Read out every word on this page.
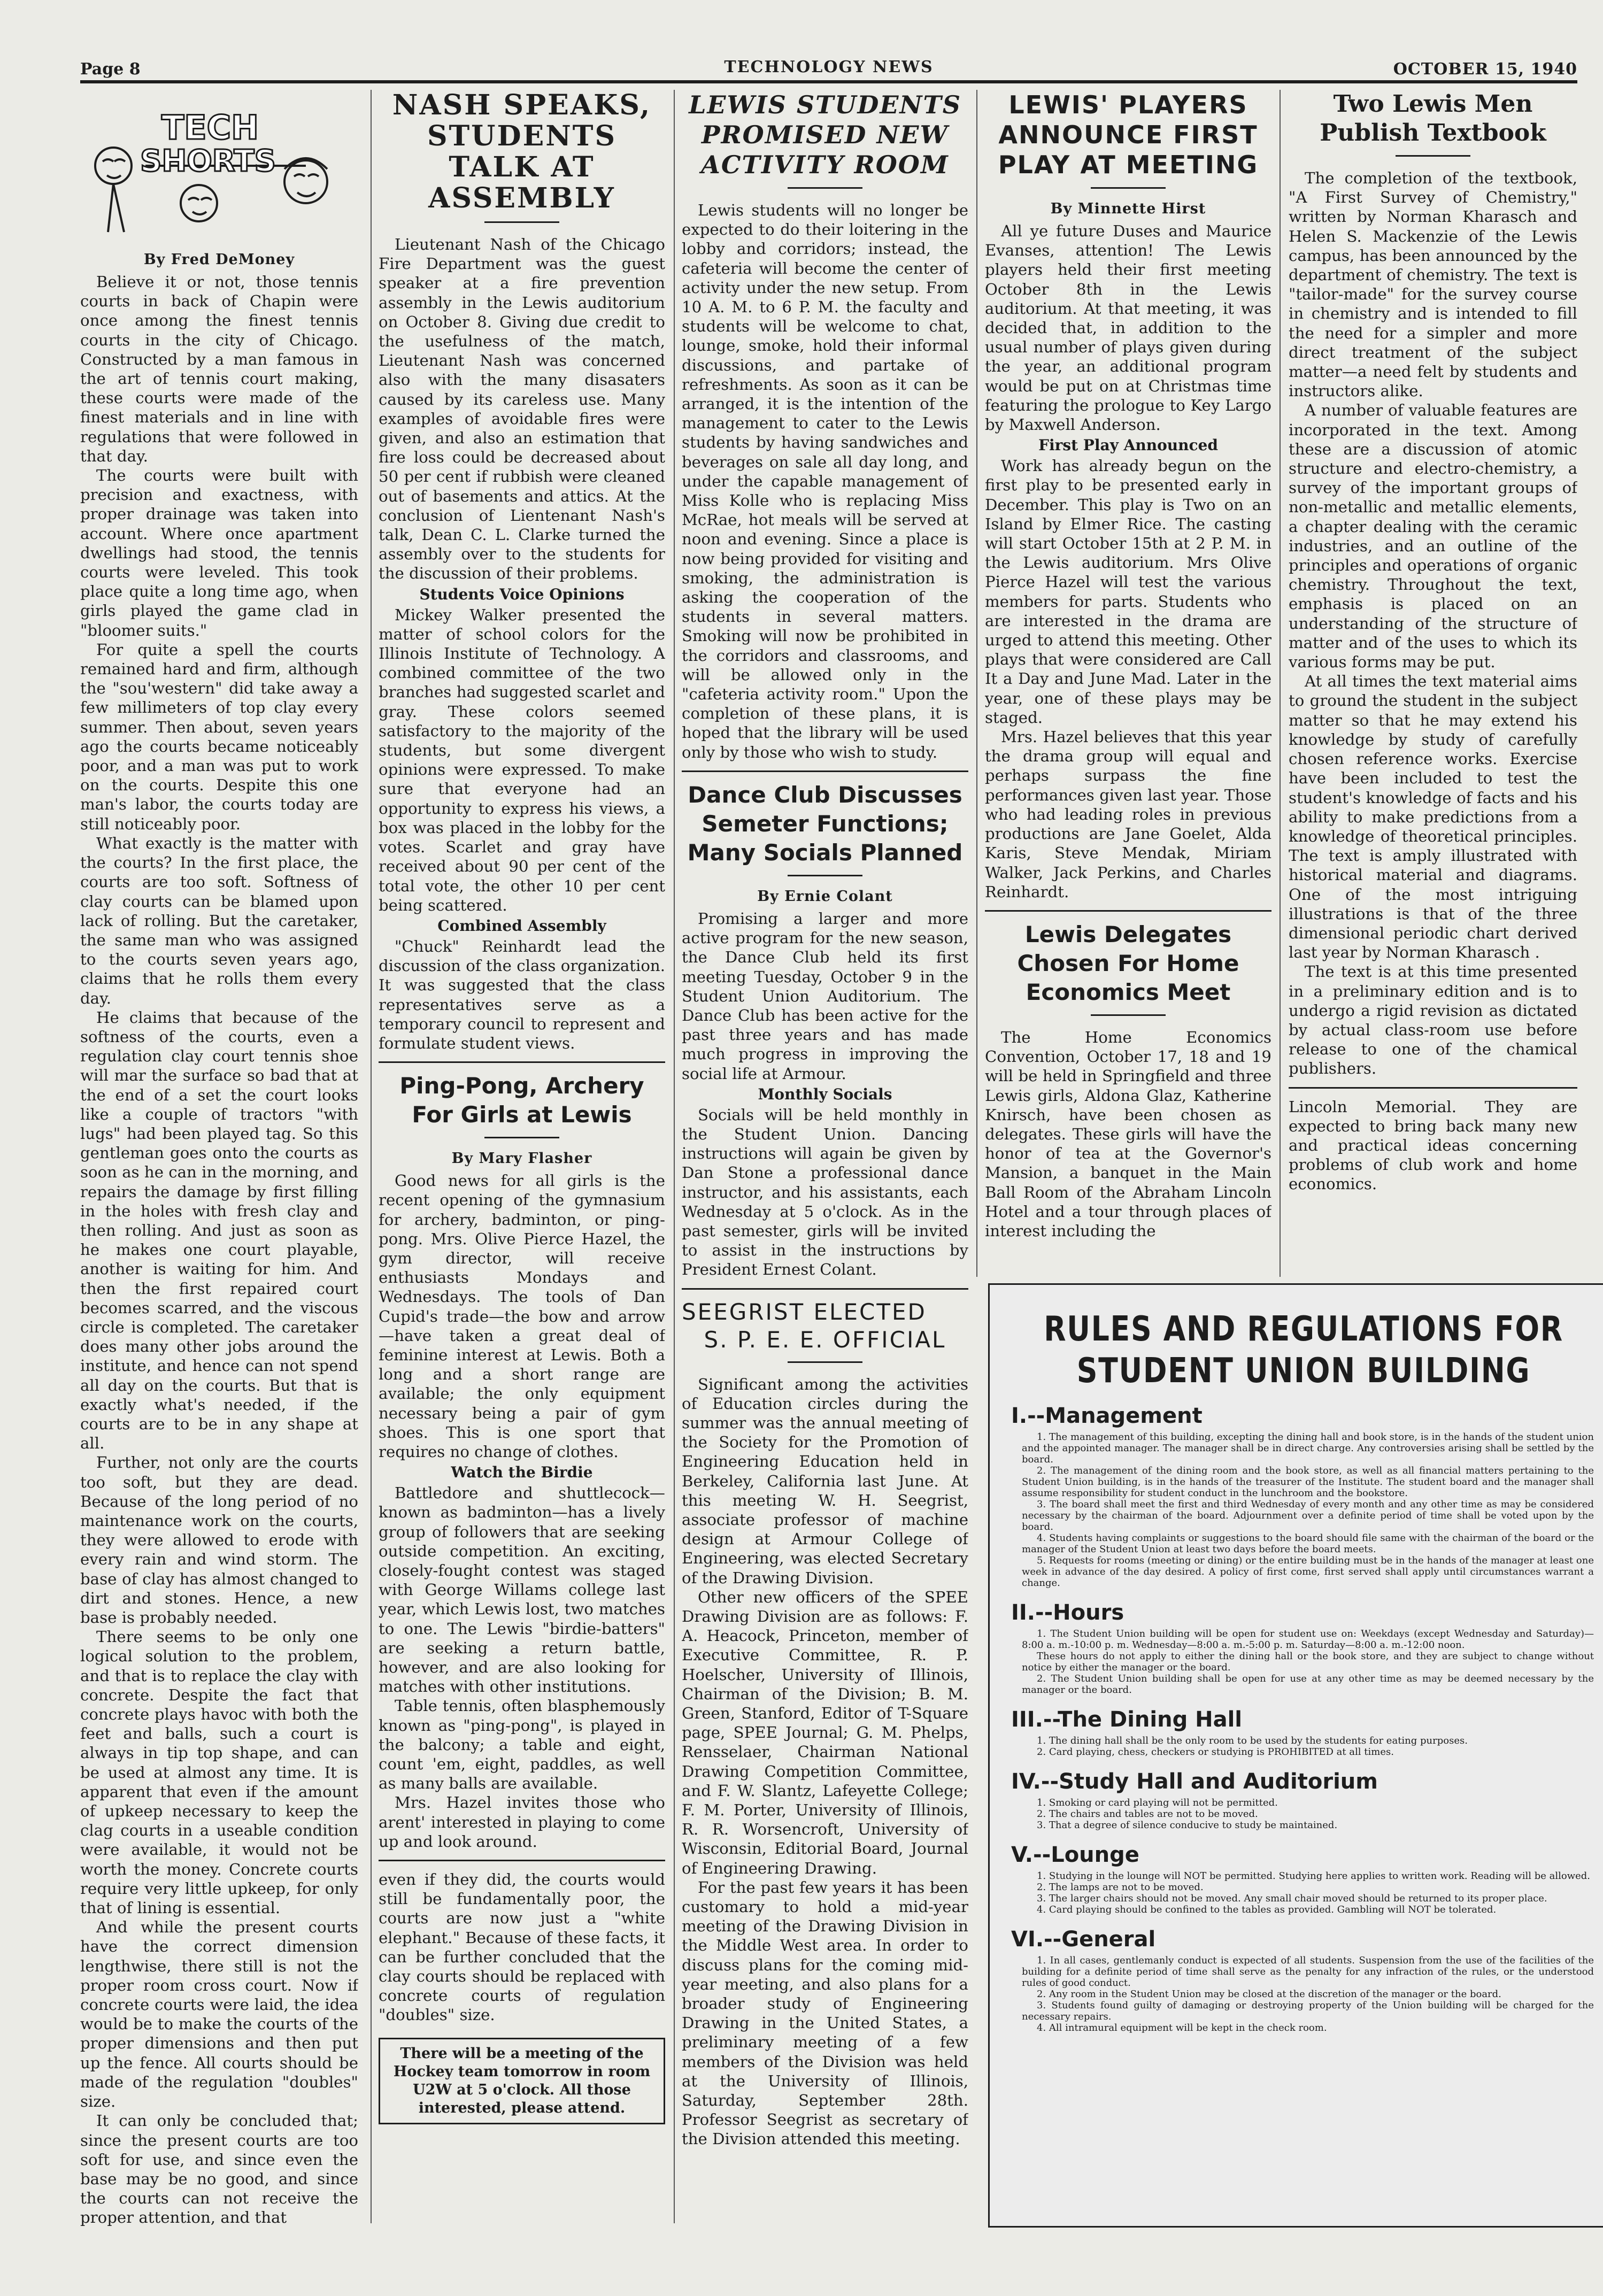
Page 8	TECHNOLOGY NEWS	OCTOBER 15, 1940
TECH
SHORTS
By Fred DeMoney

Believe it or not, those tennis courts in back of Chapin were once among the finest tennis courts in the city of Chicago. Constructed by a man famous in the art of tennis court making, these courts were made of the finest materials and in line with regulations that were followed in that day.

The courts were built with precision and exactness, with proper drainage was taken into account. Where once apartment dwellings had stood, the tennis courts were leveled. This took place quite a long time ago, when girls played the game clad in "bloomer suits."

For quite a spell the courts remained hard and firm, although the "sou'western" did take away a few millimeters of top clay every summer. Then about, seven years ago the courts became noticeably poor, and a man was put to work on the courts. Despite this one man's labor, the courts today are still noticeably poor.

What exactly is the matter with the courts? In the first place, the courts are too soft. Softness of clay courts can be blamed upon lack of rolling. But the caretaker, the same man who was assigned to the courts seven years ago, claims that he rolls them every day.

He claims that because of the softness of the courts, even a regulation clay court tennis shoe will mar the surface so bad that at the end of a set the court looks like a couple of tractors "with lugs" had been played tag. So this gentleman goes onto the courts as soon as he can in the morning, and repairs the damage by first filling in the holes with fresh clay and then rolling. And just as soon as he makes one court playable, another is waiting for him. And then the first repaired court becomes scarred, and the viscous circle is completed. The caretaker does many other jobs around the institute, and hence can not spend all day on the courts. But that is exactly what's needed, if the courts are to be in any shape at all.

Further, not only are the courts too soft, but they are dead. Because of the long period of no maintenance work on the courts, they were allowed to erode with every rain and wind storm. The base of clay has almost changed to dirt and stones. Hence, a new base is probably needed.

There seems to be only one logical solution to the problem, and that is to replace the clay with concrete. Despite the fact that concrete plays havoc with both the feet and balls, such a court is always in tip top shape, and can be used at almost any time. It is apparent that even if the amount of upkeep necessary to keep the clag courts in a useable condition were available, it would not be worth the money. Concrete courts require very little upkeep, for only that of lining is essential.

And while the present courts have the correct dimension lengthwise, there still is not the proper room cross court. Now if concrete courts were laid, the idea would be to make the courts of the proper dimensions and then put up the fence. All courts should be made of the regulation "doubles" size.

It can only be concluded that; since the present courts are too soft for use, and since even the base may be no good, and since the courts can not receive the proper attention, and that

NASH SPEAKS, STUDENTS TALK AT ASSEMBLY

Lieutenant Nash of the Chicago Fire Department was the guest speaker at a fire prevention assembly in the Lewis auditorium on October 8. Giving due credit to the usefulness of the match, Lieutenant Nash was concerned also with the many disasaters caused by its careless use. Many examples of avoidable fires were given, and also an estimation that fire loss could be decreased about 50 per cent if rubbish were cleaned out of basements and attics. At the conclusion of Lientenant Nash's talk, Dean C. L. Clarke turned the assembly over to the students for the discussion of their problems.

Students Voice Opinions

Mickey Walker presented the matter of school colors for the Illinois Institute of Technology. A combined committee of the two branches had suggested scarlet and gray. These colors seemed satisfactory to the majority of the students, but some divergent opinions were expressed. To make sure that everyone had an opportunity to express his views, a box was placed in the lobby for the votes. Scarlet and gray have received about 90 per cent of the total vote, the other 10 per cent being scattered.

Combined Assembly

"Chuck" Reinhardt lead the discussion of the class organization. It was suggested that the class representatives serve as a temporary council to represent and formulate student views.

Ping-Pong, Archery For Girls at Lewis
By Mary Flasher

Good news for all girls is the recent opening of the gymnasium for archery, badminton, or ping-pong. Mrs. Olive Pierce Hazel, the gym director, will receive enthusiasts Mondays and Wednesdays. The tools of Dan Cupid's trade—the bow and arrow—have taken a great deal of feminine interest at Lewis. Both a long and a short range are available; the only equipment necessary being a pair of gym shoes. This is one sport that requires no change of clothes.

Watch the Birdie

Battledore and shuttlecock—known as badminton—has a lively group of followers that are seeking outside competition. An exciting, closely-fought contest was staged with George Willams college last year, which Lewis lost, two matches to one. The Lewis "birdie-batters" are seeking a return battle, however, and are also looking for matches with other institutions.

Table tennis, often blasphemously known as "ping-pong", is played in the balcony; a table and eight, count 'em, eight, paddles, as well as many balls are available.

Mrs. Hazel invites those who arent' interested in playing to come up and look around.

even if they did, the courts would still be fundamentally poor, the courts are now just a "white elephant." Because of these facts, it can be further concluded that the clay courts should be replaced with concrete courts of regulation "doubles" size.

There will be a meeting of the Hockey team tomorrow in room U2W at 5 o'clock. All those interested, please attend.
LEWIS STUDENTS PROMISED NEW ACTIVITY ROOM

Lewis students will no longer be expected to do their loitering in the lobby and corridors; instead, the cafeteria will become the center of activity under the new setup. From 10 A. M. to 6 P. M. the faculty and students will be welcome to chat, lounge, smoke, hold their informal discussions, and partake of refreshments. As soon as it can be arranged, it is the intention of the management to cater to the Lewis students by having sandwiches and beverages on sale all day long, and under the capable management of Miss Kolle who is replacing Miss McRae, hot meals will be served at noon and evening. Since a place is now being provided for visiting and smoking, the administration is asking the cooperation of the students in several matters. Smoking will now be prohibited in the corridors and classrooms, and will be allowed only in the "cafeteria activity room." Upon the completion of these plans, it is hoped that the library will be used only by those who wish to study.

Dance Club Discusses Semeter Functions; Many Socials Planned
By Ernie Colant

Promising a larger and more active program for the new season, the Dance Club held its first meeting Tuesday, October 9 in the Student Union Auditorium. The Dance Club has been active for the past three years and has made much progress in improving the social life at Armour.

Monthly Socials

Socials will be held monthly in the Student Union. Dancing instructions will again be given by Dan Stone a professional dance instructor, and his assistants, each Wednesday at 5 o'clock. As in the past semester, girls will be invited to assist in the instructions by President Ernest Colant.

SEEGRIST ELECTED
S. P. E. E. OFFICIAL

Significant among the activities of Education circles during the summer was the annual meeting of the Society for the Promotion of Engineering Education held in Berkeley, California last June. At this meeting W. H. Seegrist, associate professor of machine design at Armour College of Engineering, was elected Secretary of the Drawing Division.

Other new officers of the SPEE Drawing Division are as follows: F. A. Heacock, Princeton, member of Executive Committee, R. P. Hoelscher, University of Illinois, Chairman of the Division; B. M. Green, Stanford, Editor of T-Square page, SPEE Journal; G. M. Phelps, Rensselaer, Chairman National Drawing Competition Committee, and F. W. Slantz, Lafeyette College; F. M. Porter, University of Illinois, R. R. Worsencroft, University of Wisconsin, Editorial Board, Journal of Engineering Drawing.

For the past few years it has been customary to hold a mid-year meeting of the Drawing Division in the Middle West area. In order to discuss plans for the coming mid-year meeting, and also plans for a broader study of Engineering Drawing in the United States, a preliminary meeting of a few members of the Division was held at the University of Illinois, Saturday, September 28th. Professor Seegrist as secretary of the Division attended this meeting.

LEWIS' PLAYERS ANNOUNCE FIRST PLAY AT MEETING
By Minnette Hirst

All ye future Duses and Maurice Evanses, attention! The Lewis players held their first meeting October 8th in the Lewis auditorium. At that meeting, it was decided that, in addition to the usual number of plays given during the year, an additional program would be put on at Christmas time featuring the prologue to Key Largo by Maxwell Anderson.

First Play Announced

Work has already begun on the first play to be presented early in December. This play is Two on an Island by Elmer Rice. The casting will start October 15th at 2 P. M. in the Lewis auditorium. Mrs Olive Pierce Hazel will test the various members for parts. Students who are interested in the drama are urged to attend this meeting. Other plays that were considered are Call It a Day and June Mad. Later in the year, one of these plays may be staged.

Mrs. Hazel believes that this year the drama group will equal and perhaps surpass the fine performances given last year. Those who had leading roles in previous productions are Jane Goelet, Alda Karis, Steve Mendak, Miriam Walker, Jack Perkins, and Charles Reinhardt.

Lewis Delegates Chosen For Home Economics Meet

The Home Economics Convention, October 17, 18 and 19 will be held in Springfield and three Lewis girls, Aldona Glaz, Katherine Knirsch, have been chosen as delegates. These girls will have the honor of tea at the Governor's Mansion, a banquet in the Main Ball Room of the Abraham Lincoln Hotel and a tour through places of interest including the

Two Lewis Men Publish Textbook

The completion of the textbook, "A First Survey of Chemistry," written by Norman Kharasch and Helen S. Mackenzie of the Lewis campus, has been announced by the department of chemistry. The text is "tailor-made" for the survey course in chemistry and is intended to fill the need for a simpler and more direct treatment of the subject matter—a need felt by students and instructors alike.

A number of valuable features are incorporated in the text. Among these are a discussion of atomic structure and electro-chemistry, a survey of the important groups of non-metallic and metallic elements, a chapter dealing with the ceramic industries, and an outline of the principles and operations of organic chemistry. Throughout the text, emphasis is placed on an understanding of the structure of matter and of the uses to which its various forms may be put.

At all times the text material aims to ground the student in the subject matter so that he may extend his knowledge by study of carefully chosen reference works. Exercise have been included to test the student's knowledge of facts and his ability to make predictions from a knowledge of theoretical principles. The text is amply illustrated with historical material and diagrams. One of the most intriguing illustrations is that of the three dimensional periodic chart derived last year by Norman Kharasch .

The text is at this time presented in a preliminary edition and is to undergo a rigid revision as dictated by actual class-room use before release to one of the chamical publishers.

Lincoln Memorial. They are expected to bring back many new and practical ideas concerning problems of club work and home economics.

RULES AND REGULATIONS FOR STUDENT UNION BUILDING
I.--Management

1. The management of this building, excepting the dining hall and book store, is in the hands of the student union and the appointed manager. The manager shall be in direct charge. Any controversies arising shall be settled by the board.

2. The management of the dining room and the book store, as well as all financial matters pertaining to the Student Union building, is in the hands of the treasurer of the Institute. The student board and the manager shall assume responsibility for student conduct in the lunchroom and the bookstore.

3. The board shall meet the first and third Wednesday of every month and any other time as may be considered necessary by the chairman of the board. Adjournment over a definite period of time shall be voted upon by the board.

4. Students having complaints or suggestions to the board should file same with the chairman of the board or the manager of the Student Union at least two days before the board meets.

5. Requests for rooms (meeting or dining) or the entire building must be in the hands of the manager at least one week in advance of the day desired. A policy of first come, first served shall apply until circumstances warrant a change.

II.--Hours

1. The Student Union building will be open for student use on: Weekdays (except Wednesday and Saturday)—8:00 a. m.-10:00 p. m. Wednesday—8:00 a. m.-5:00 p. m. Saturday—8:00 a. m.-12:00 noon.

These hours do not apply to either the dining hall or the book store, and they are subject to change without notice by either the manager or the board.

2. The Student Union building shall be open for use at any other time as may be deemed necessary by the manager or the board.

III.--The Dining Hall

1. The dining hall shall be the only room to be used by the students for eating purposes.

2. Card playing, chess, checkers or studying is PROHIBITED at all times.

IV.--Study Hall and Auditorium

1. Smoking or card playing will not be permitted.

2. The chairs and tables are not to be moved.

3. That a degree of silence conducive to study be maintained.

V.--Lounge

1. Studying in the lounge will NOT be permitted. Studying here applies to written work. Reading will be allowed.

2. The lamps are not to be moved.

3. The larger chairs should not be moved. Any small chair moved should be returned to its proper place.

4. Card playing should be confined to the tables as provided. Gambling will NOT be tolerated.

VI.--General

1. In all cases, gentlemanly conduct is expected of all students. Suspension from the use of the facilities of the building for a definite period of time shall serve as the penalty for any infraction of the rules, or the understood rules of good conduct.

2. Any room in the Student Union may be closed at the discretion of the manager or the board.

3. Students found guilty of damaging or destroying property of the Union building will be charged for the necessary repairs.

4. All intramural equipment will be kept in the check room.
